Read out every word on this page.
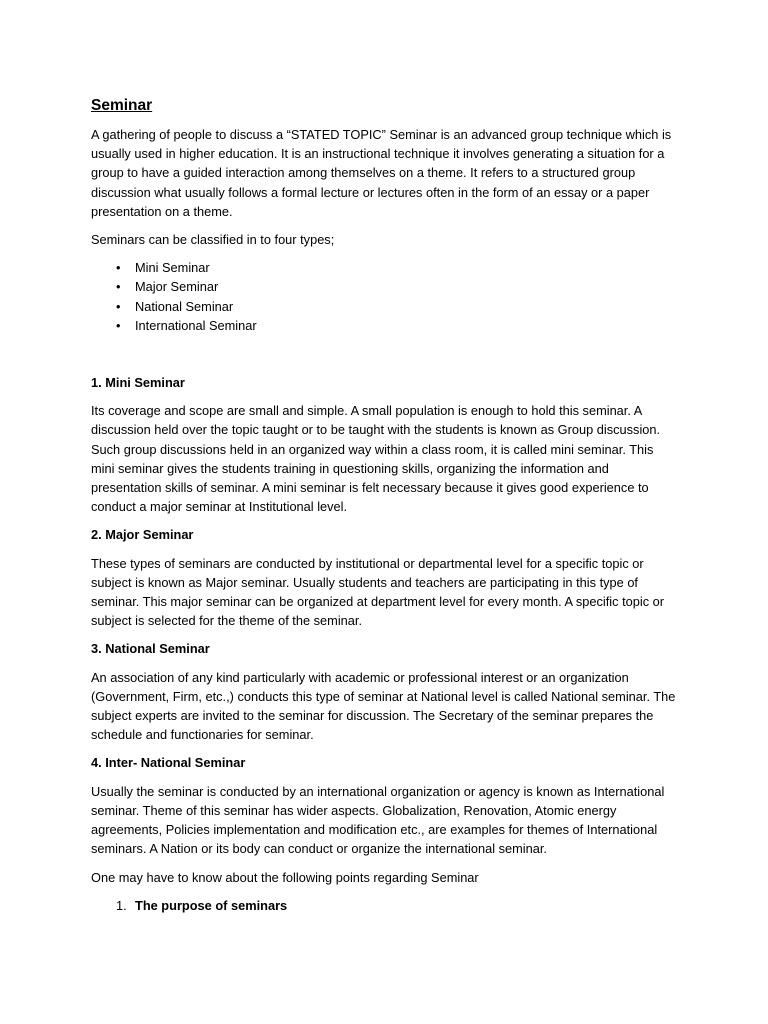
Seminar

A gathering of people to discuss a “STATED TOPIC” Seminar is an advanced group technique which is usually used in higher education. It is an instructional technique it involves generating a situation for a group to have a guided interaction among themselves on a theme. It refers to a structured group discussion what usually follows a formal lecture or lectures often in the form of an essay or a paper presentation on a theme.

Seminars can be classified in to four types;

• Mini Seminar
• Major Seminar
• National Seminar
• International Seminar
1. Mini Seminar

Its coverage and scope are small and simple. A small population is enough to hold this seminar. A discussion held over the topic taught or to be taught with the students is known as Group discussion. Such group discussions held in an organized way within a class room, it is called mini seminar. This mini seminar gives the students training in questioning skills, organizing the information and presentation skills of seminar. A mini seminar is felt necessary because it gives good experience to conduct a major seminar at Institutional level.

2. Major Seminar

These types of seminars are conducted by institutional or departmental level for a specific topic or subject is known as Major seminar. Usually students and teachers are participating in this type of seminar. This major seminar can be organized at department level for every month. A specific topic or subject is selected for the theme of the seminar.

3. National Seminar

An association of any kind particularly with academic or professional interest or an organization (Government, Firm, etc.,) conducts this type of seminar at National level is called National seminar. The subject experts are invited to the seminar for discussion. The Secretary of the seminar prepares the schedule and functionaries for seminar.

4. Inter- National Seminar

Usually the seminar is conducted by an international organization or agency is known as International seminar. Theme of this seminar has wider aspects. Globalization, Renovation, Atomic energy agreements, Policies implementation and modification etc., are examples for themes of International seminars. A Nation or its body can conduct or organize the international seminar.

One may have to know about the following points regarding Seminar

1. The purpose of seminars
